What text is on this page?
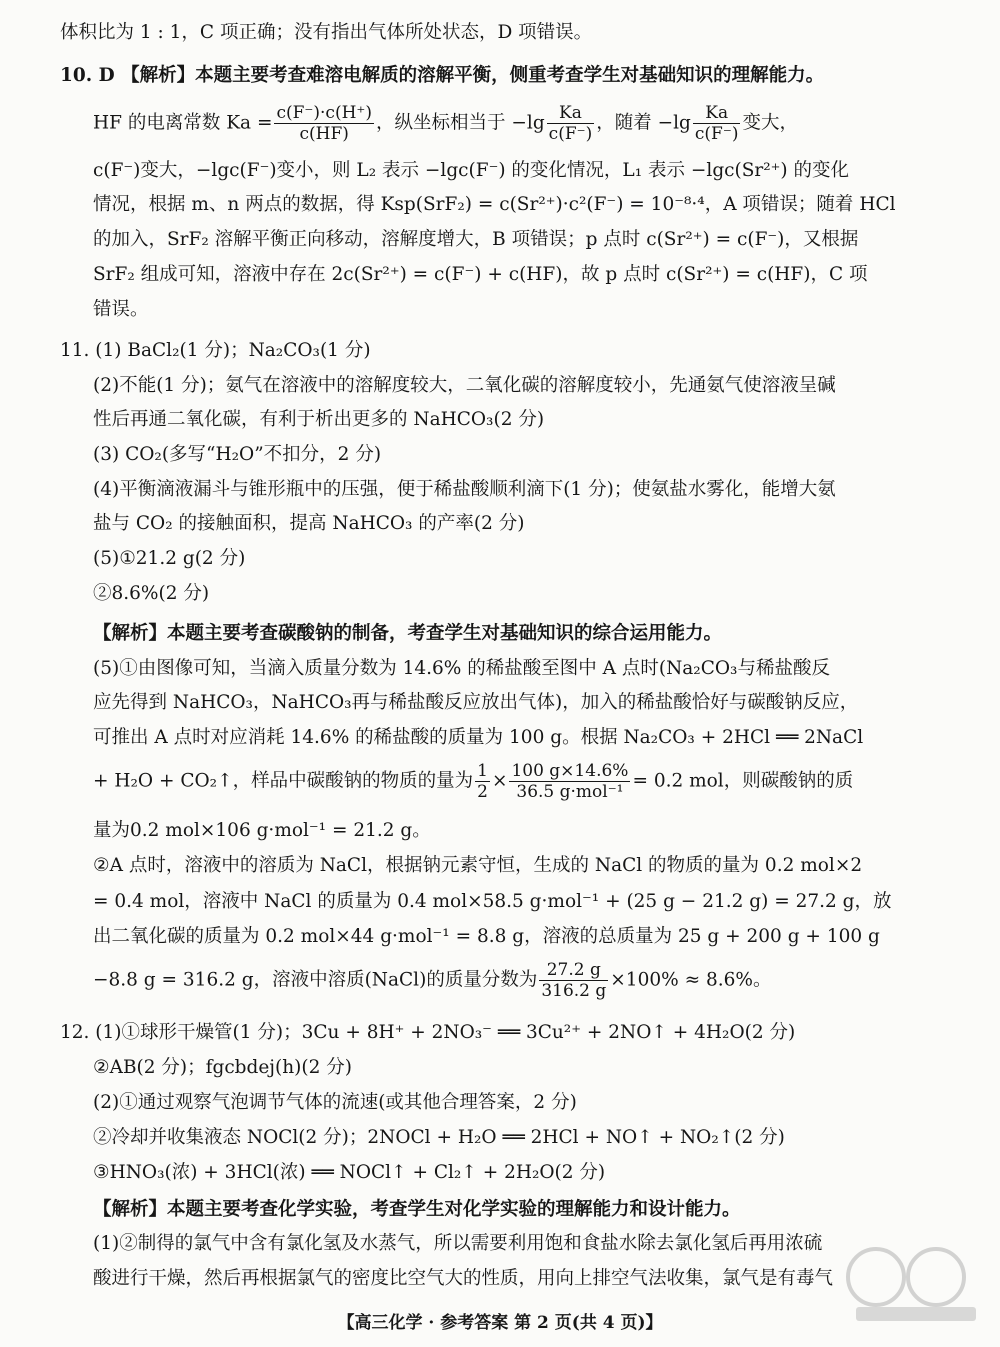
体积比为 1 : 1，C 项正确；没有指出气体所处状态，D 项错误。
10. D 【解析】本题主要考查难溶电解质的溶解平衡，侧重考查学生对基础知识的理解能力。
HF 的电离常数 $Ka = \frac{c(F^-)\cdot c(H^+)}{c(HF)}$ ，纵坐标相当于 $-\lg \frac{Ka}{c(F^-)}$ ，随着 $-\lg \frac{Ka}{c(F^-)}$ 变大，
c(F⁻)变大，−lgc(F⁻)变小，则 L₂ 表示 −lgc(F⁻) 的变化情况，L₁ 表示 −lgc(Sr²⁺) 的变化
情况，根据 m、n 两点的数据，得 Ksp(SrF₂) = c(Sr²⁺)·c²(F⁻) = 10⁻⁸·⁴，A 项错误；随着 HCl
的加入，SrF₂ 溶解平衡正向移动，溶解度增大，B 项错误；p 点时 c(Sr²⁺) = c(F⁻)，又根据
SrF₂ 组成可知，溶液中存在 2c(Sr²⁺) = c(F⁻) + c(HF)，故 p 点时 c(Sr²⁺) = c(HF)，C 项
错误。
11. (1) BaCl₂(1 分)；Na₂CO₃(1 分)
(2)不能(1 分)；氨气在溶液中的溶解度较大，二氧化碳的溶解度较小，先通氨气使溶液呈碱
性后再通二氧化碳，有利于析出更多的 NaHCO₃(2 分)
(3) CO₂(多写“H₂O”不扣分，2 分)
(4)平衡滴液漏斗与锥形瓶中的压强，便于稀盐酸顺利滴下(1 分)；使氨盐水雾化，能增大氨
盐与 CO₂ 的接触面积，提高 NaHCO₃ 的产率(2 分)
(5)①21.2 g(2 分)
②8.6%(2 分)
【解析】本题主要考查碳酸钠的制备，考查学生对基础知识的综合运用能力。
(5)①由图像可知，当滴入质量分数为 14.6% 的稀盐酸至图中 A 点时(Na₂CO₃与稀盐酸反
应先得到 NaHCO₃，NaHCO₃再与稀盐酸反应放出气体)，加入的稀盐酸恰好与碳酸钠反应，
可推出 A 点时对应消耗 14.6% 的稀盐酸的质量为 100 g。根据 Na₂CO₃ + 2HCl ══ 2NaCl
+ H₂O + CO₂↑，样品中碳酸钠的物质的量为 $\frac{1}{2} \times \frac{100 g\times 14.6\%}{\text{36.5 g·mol⁻¹}} = 0.2$ mol，则碳酸钠的质
量为0.2 mol×106 g·mol⁻¹ = 21.2 g。
②A 点时，溶液中的溶质为 NaCl，根据钠元素守恒，生成的 NaCl 的物质的量为 0.2 mol×2
= 0.4 mol，溶液中 NaCl 的质量为 0.4 mol×58.5 g·mol⁻¹ + (25 g − 21.2 g) = 27.2 g，放
出二氧化碳的质量为 0.2 mol×44 g·mol⁻¹ = 8.8 g，溶液的总质量为 25 g + 200 g + 100 g
−8.8 g = 316.2 g，溶液中溶质(NaCl)的质量分数为 $\frac{27.2 g}{316.2 g} \times 100\% \approx 8.6\%$。
12. (1)①球形干燥管(1 分)；3Cu + 8H⁺ + 2NO₃⁻ ══ 3Cu²⁺ + 2NO↑ + 4H₂O(2 分)
②AB(2 分)；fgcbdej(h)(2 分)
(2)①通过观察气泡调节气体的流速(或其他合理答案，2 分)
②冷却并收集液态 NOCl(2 分)；2NOCl + H₂O ══ 2HCl + NO↑ + NO₂↑(2 分)
③HNO₃(浓) + 3HCl(浓) ══ NOCl↑ + Cl₂↑ + 2H₂O(2 分)
【解析】本题主要考查化学实验，考查学生对化学实验的理解能力和设计能力。
(1)②制得的氯气中含有氯化氢及水蒸气，所以需要利用饱和食盐水除去氯化氢后再用浓硫
酸进行干燥，然后再根据氯气的密度比空气大的性质，用向上排空气法收集，氯气是有毒气
【高三化学 · 参考答案 第 2 页(共 4 页)】
